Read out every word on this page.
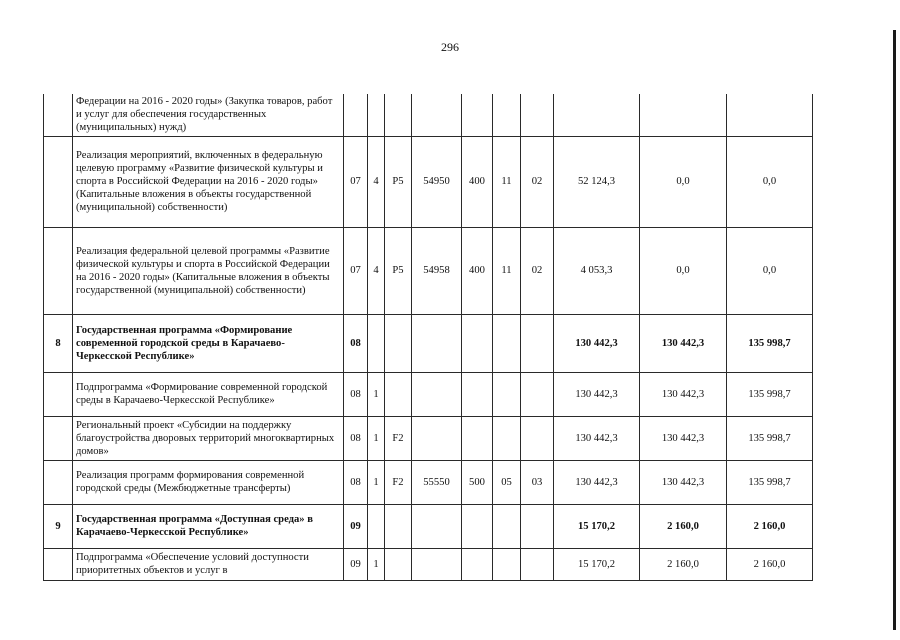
296
	Федерации на 2016 - 2020 годы» (Закупка товаров, работ и услуг для обеспечения государственных (муниципальных) нужд)										
	Реализация мероприятий, включенных в федеральную целевую программу «Развитие физической культуры и спорта в Российской Федерации на 2016 - 2020 годы» (Капитальные вложения в объекты государственной (муниципальной) собственности)	07	4	P5	54950	400	11	02	52 124,3	0,0	0,0
	Реализация федеральной целевой программы «Развитие физической культуры и спорта в Российской Федерации на 2016 - 2020 годы» (Капитальные вложения в объекты государственной (муниципальной) собственности)	07	4	P5	54958	400	11	02	4 053,3	0,0	0,0
8	Государственная программа «Формирование современной городской среды в Карачаево-Черкесской Республике»	08							130 442,3	130 442,3	135 998,7
	Подпрограмма «Формирование современной городской среды в Карачаево-Черкесской Республике»	08	1						130 442,3	130 442,3	135 998,7
	Региональный проект «Субсидии на поддержку благоустройства дворовых территорий многоквартирных домов»	08	1	F2					130 442,3	130 442,3	135 998,7
	Реализация программ формирования современной городской среды (Межбюджетные трансферты)	08	1	F2	55550	500	05	03	130 442,3	130 442,3	135 998,7
9	Государственная программа «Доступная среда» в Карачаево-Черкесской Республике»	09							15 170,2	2 160,0	2 160,0
	Подпрограмма «Обеспечение условий доступности приоритетных объектов и услуг в	09	1						15 170,2	2 160,0	2 160,0
